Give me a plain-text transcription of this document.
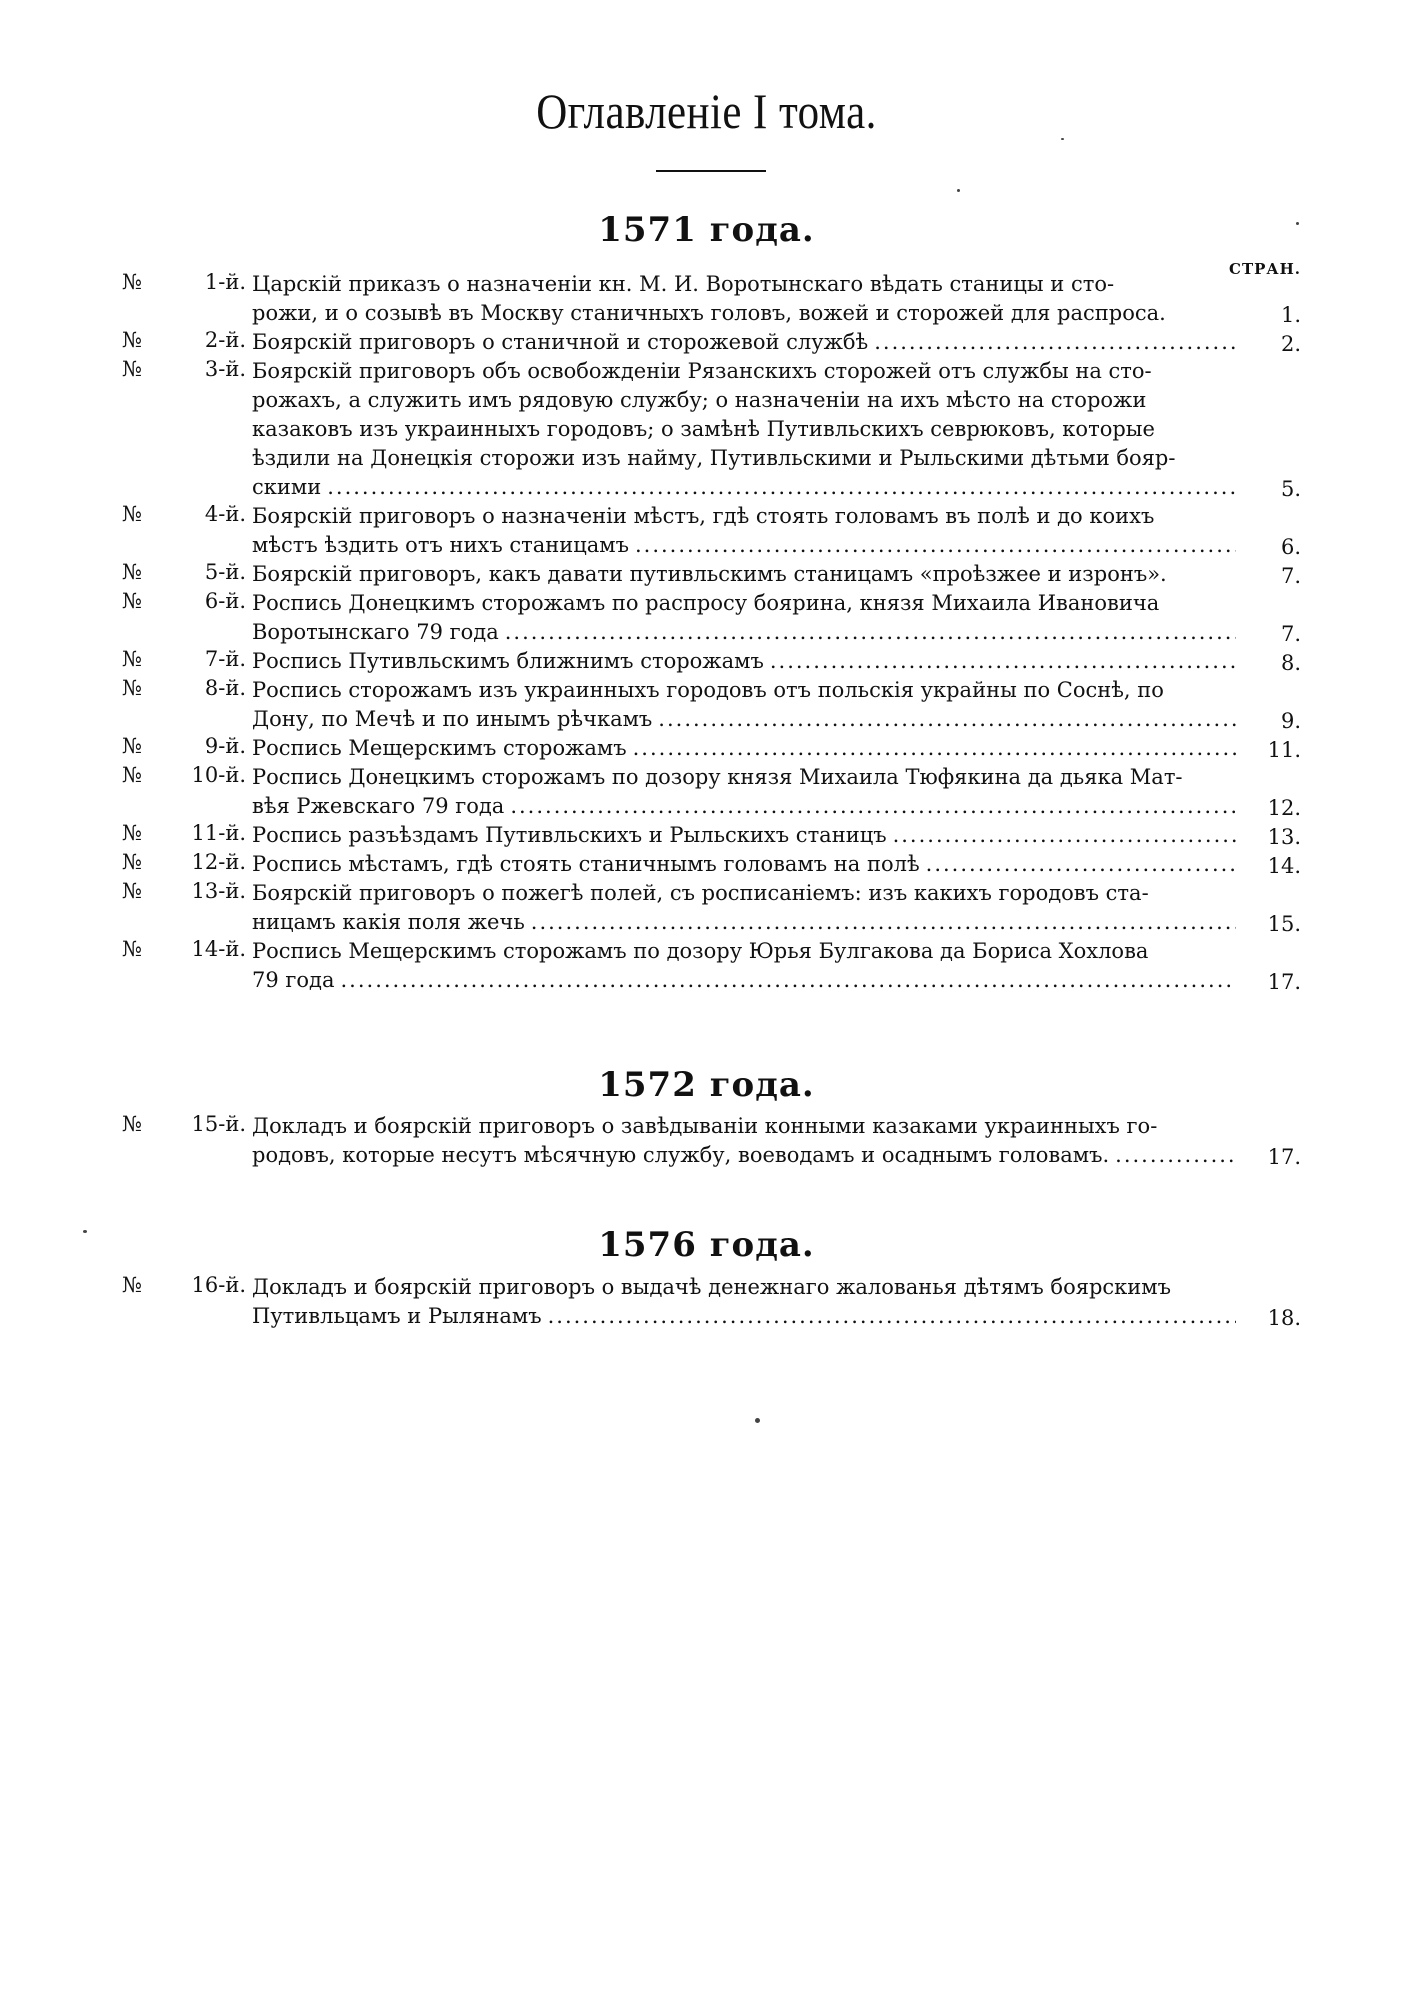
Оглавленіе I тома.
СТРАН.
1571 года.
№	1-й. Царскій приказъ о назначеніи кн. М. И. Воротынскаго вѣдать станицы и сто-
рожи, и о созывѣ въ Москву станичныхъ головъ, вожей и сторожей для распроса.	1.
№	2-й. Боярскій приговоръ о станичной и сторожевой службѣ .....	2.
№	3-й. Боярскій приговоръ объ освобожденіи Рязанскихъ сторожей отъ службы на сто-
рожахъ, а служить имъ рядовую службу; о назначеніи на ихъ мѣсто на сторожи
казаковъ изъ украинныхъ городовъ; о замѣнѣ Путивльскихъ севрюковъ, которые
ѣздили на Донецкія сторожи изъ найму, Путивльскими и Рыльскими дѣтьми бояр-
скими .....	5.
№	4-й. Боярскій приговоръ о назначеніи мѣстъ, гдѣ стоять головамъ въ полѣ и до коихъ
мѣстъ ѣздить отъ нихъ станицамъ .....	6.
№	5-й. Боярскій приговоръ, какъ давати путивльскимъ станицамъ «проѣзжее и изронъ».	7.
№	6-й. Роспись Донецкимъ сторожамъ по распросу боярина, князя Михаила Ивановича
Воротынскаго 79 года .....	7.
№	7-й. Роспись Путивльскимъ ближнимъ сторожамъ .....	8.
№	8-й. Роспись сторожамъ изъ украинныхъ городовъ отъ польскія украйны по Соснѣ, по
Дону, по Мечѣ и по инымъ рѣчкамъ .....	9.
№	9-й. Роспись Мещерскимъ сторожамъ .....	11.
№	10-й. Роспись Донецкимъ сторожамъ по дозору князя Михаила Тюфякина да дьяка Мат-
вѣя Ржевскаго 79 года .....	12.
№	11-й. Роспись разъѣздамъ Путивльскихъ и Рыльскихъ станицъ .....	13.
№	12-й. Роспись мѣстамъ, гдѣ стоять станичнымъ головамъ на полѣ .....	14.
№	13-й. Боярскій приговоръ о пожегѣ полей, съ росписаніемъ: изъ какихъ городовъ ста-
ницамъ какія поля жечь .....	15.
№	14-й. Роспись Мещерскимъ сторожамъ по дозору Юрья Булгакова да Бориса Хохлова
79 года .....	17.
1572 года.
№	15-й. Докладъ и боярскій приговоръ о завѣдываніи конными казаками украинныхъ го-
родовъ, которые несутъ мѣсячную службу, воеводамъ и осаднымъ головамъ. .....	17.
1576 года.
№	16-й. Докладъ и боярскій приговоръ о выдачѣ денежнаго жалованья дѣтямъ боярскимъ
Путивльцамъ и Рылянамъ .....	18.
